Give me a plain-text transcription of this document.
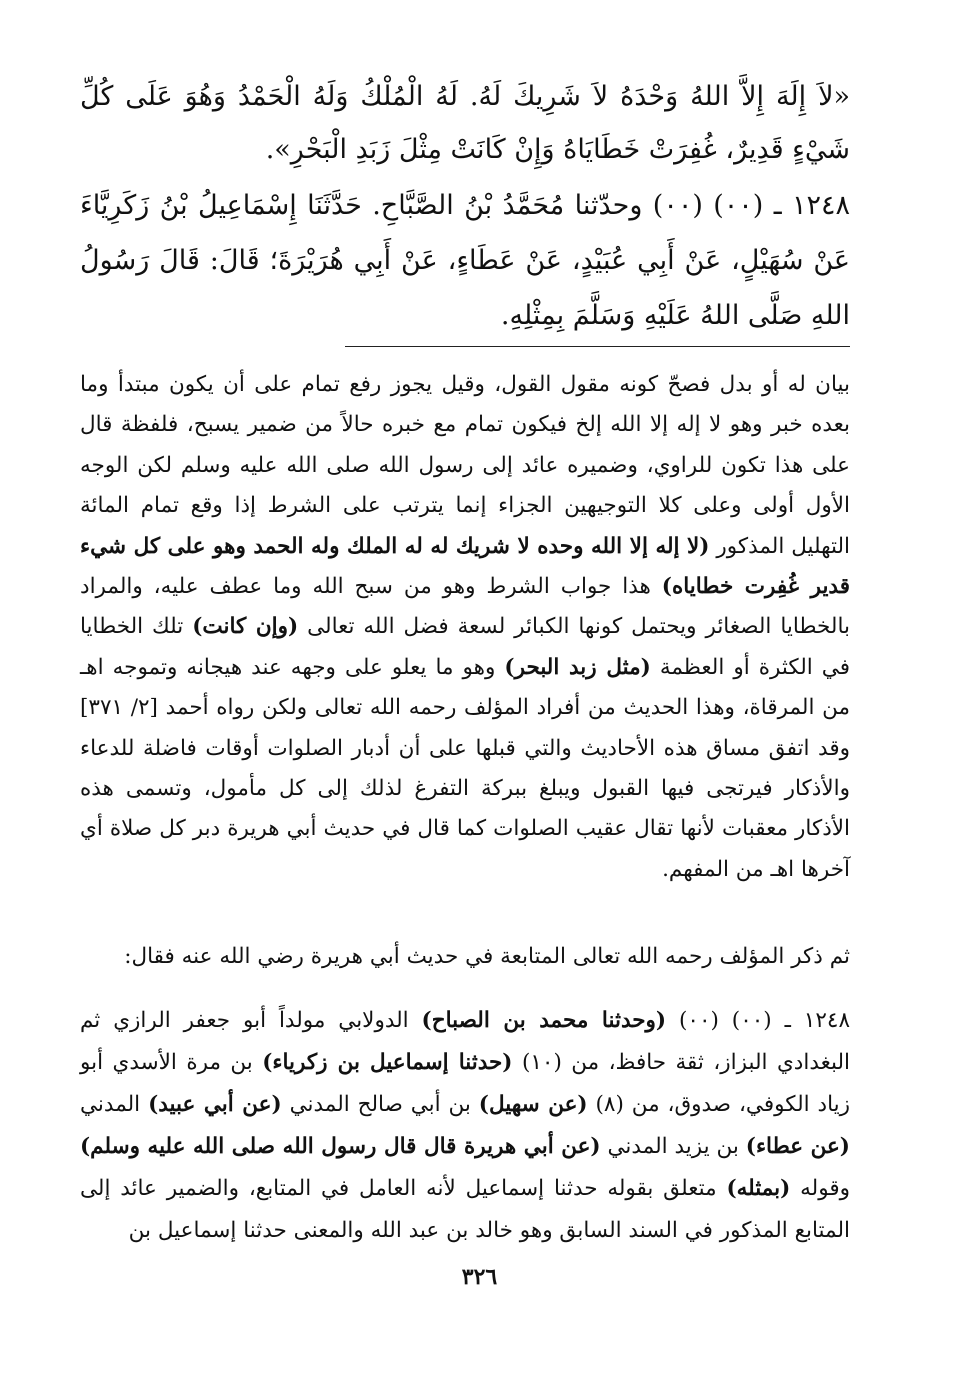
«لاَ إِلَهَ إِلاَّ اللهُ وَحْدَهُ لاَ شَرِيكَ لَهُ. لَهُ الْمُلْكُ وَلَهُ الْحَمْدُ وَهُوَ عَلَى كُلِّ شَيْءٍ قَدِيرٌ، غُفِرَتْ خَطَايَاهُ وَإِنْ كَانَتْ مِثْلَ زَبَدِ الْبَحْرِ».

١٢٤٨ ـ (٠٠) (٠٠) وحدّثنا مُحَمَّدُ بْنُ الصَّبَّاحِ. حَدَّثَنَا إِسْمَاعِيلُ بْنُ زَكَرِيَّاءَ عَنْ سُهَيْلٍ، عَنْ أَبِي عُبَيْدٍ، عَنْ عَطَاءٍ، عَنْ أَبِي هُرَيْرَةَ؛ قَالَ: قَالَ رَسُولُ اللهِ صَلَّى اللهُ عَلَيْهِ وَسَلَّمَ بِمِثْلِهِ.

بيان له أو بدل فصحّ كونه مقول القول، وقيل يجوز رفع تمام على أن يكون مبتدأ وما بعده خبر وهو لا إله إلا الله إلخ فيكون تمام مع خبره حالاً من ضمير يسبح، فلفظة قال على هذا تكون للراوي، وضميره عائد إلى رسول الله صلى الله عليه وسلم لكن الوجه الأول أولى وعلى كلا التوجيهين الجزاء إنما يترتب على الشرط إذا وقع تمام المائة التهليل المذكور (لا إله إلا الله وحده لا شريك له له الملك وله الحمد وهو على كل شيء قدير غُفِرت خطاياه) هذا جواب الشرط وهو من سبح الله وما عطف عليه، والمراد بالخطايا الصغائر ويحتمل كونها الكبائر لسعة فضل الله تعالى (وإن كانت) تلك الخطايا في الكثرة أو العظمة (مثل زبد البحر) وهو ما يعلو على وجهه عند هيجانه وتموجه اهـ من المرقاة، وهذا الحديث من أفراد المؤلف رحمه الله تعالى ولكن رواه أحمد [٢/ ٣٧١] وقد اتفق مساق هذه الأحاديث والتي قبلها على أن أدبار الصلوات أوقات فاضلة للدعاء والأذكار فيرتجى فيها القبول ويبلغ ببركة التفرغ لذلك إلى كل مأمول، وتسمى هذه الأذكار معقبات لأنها تقال عقيب الصلوات كما قال في حديث أبي هريرة دبر كل صلاة أي آخرها اهـ من المفهم.

ثم ذكر المؤلف رحمه الله تعالى المتابعة في حديث أبي هريرة رضي الله عنه فقال:

١٢٤٨ ـ (٠٠) (٠٠) (وحدثنا محمد بن الصباح) الدولابي مولداً أبو جعفر الرازي ثم البغدادي البزاز، ثقة حافظ، من (١٠) (حدثنا إسماعيل بن زكرياء) بن مرة الأسدي أبو زياد الكوفي، صدوق، من (٨) (عن سهيل) بن أبي صالح المدني (عن أبي عبيد) المدني (عن عطاء) بن يزيد المدني (عن أبي هريرة قال قال رسول الله صلى الله عليه وسلم) وقوله (بمثله) متعلق بقوله حدثنا إسماعيل لأنه العامل في المتابع، والضمير عائد إلى المتابع المذكور في السند السابق وهو خالد بن عبد الله والمعنى حدثنا إسماعيل بن

٣٢٦
